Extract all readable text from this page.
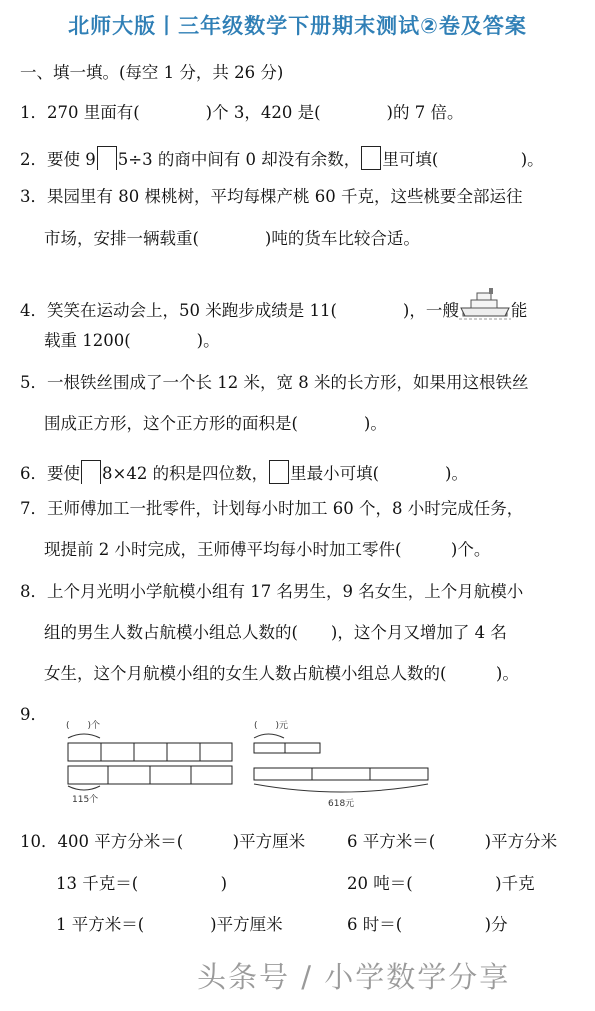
北师大版丨三年级数学下册期末测试②卷及答案
一、填一填。(每空 1 分，共 26 分)
1．270 里面有(　　　　)个 3，420 是(　　　　)的 7 倍。
2．要使 9 5÷3 的商中间有 0 却没有余数， 里可填(　　　　　)。
3．果园里有 80 棵桃树，平均每棵产桃 60 千克，这些桃要全部运往
市场，安排一辆载重(　　　　)吨的货车比较合适。
4．笑笑在运动会上，50 米跑步成绩是 11(　　　　)，一艘	能
载重 1200(　　　　)。
5．一根铁丝围成了一个长 12 米，宽 8 米的长方形，如果用这根铁丝
围成正方形，这个正方形的面积是(　　　　)。
6．要使 8×42 的积是四位数， 里最小可填(　　　　)。
7．王师傅加工一批零件，计划每小时加工 60 个，8 小时完成任务，
现提前 2 小时完成，王师傅平均每小时加工零件(　　　)个。
8．上个月光明小学航模小组有 17 名男生，9 名女生，上个月航模小
组的男生人数占航模小组总人数的(　　)，这个月又增加了 4 名
女生，这个月航模小组的女生人数占航模小组总人数的(　　　)。
9．
(　　)个
115个
(　　)元
618元
10．400 平方分米＝(　　　)平方厘米	6 平方米＝(　　　)平方分米
13 千克＝(　　　　　)	20 吨＝(　　　　　)千克
1 平方米＝(　　　　)平方厘米	6 时＝(　　　　　)分
头条号 / 小学数学分享
